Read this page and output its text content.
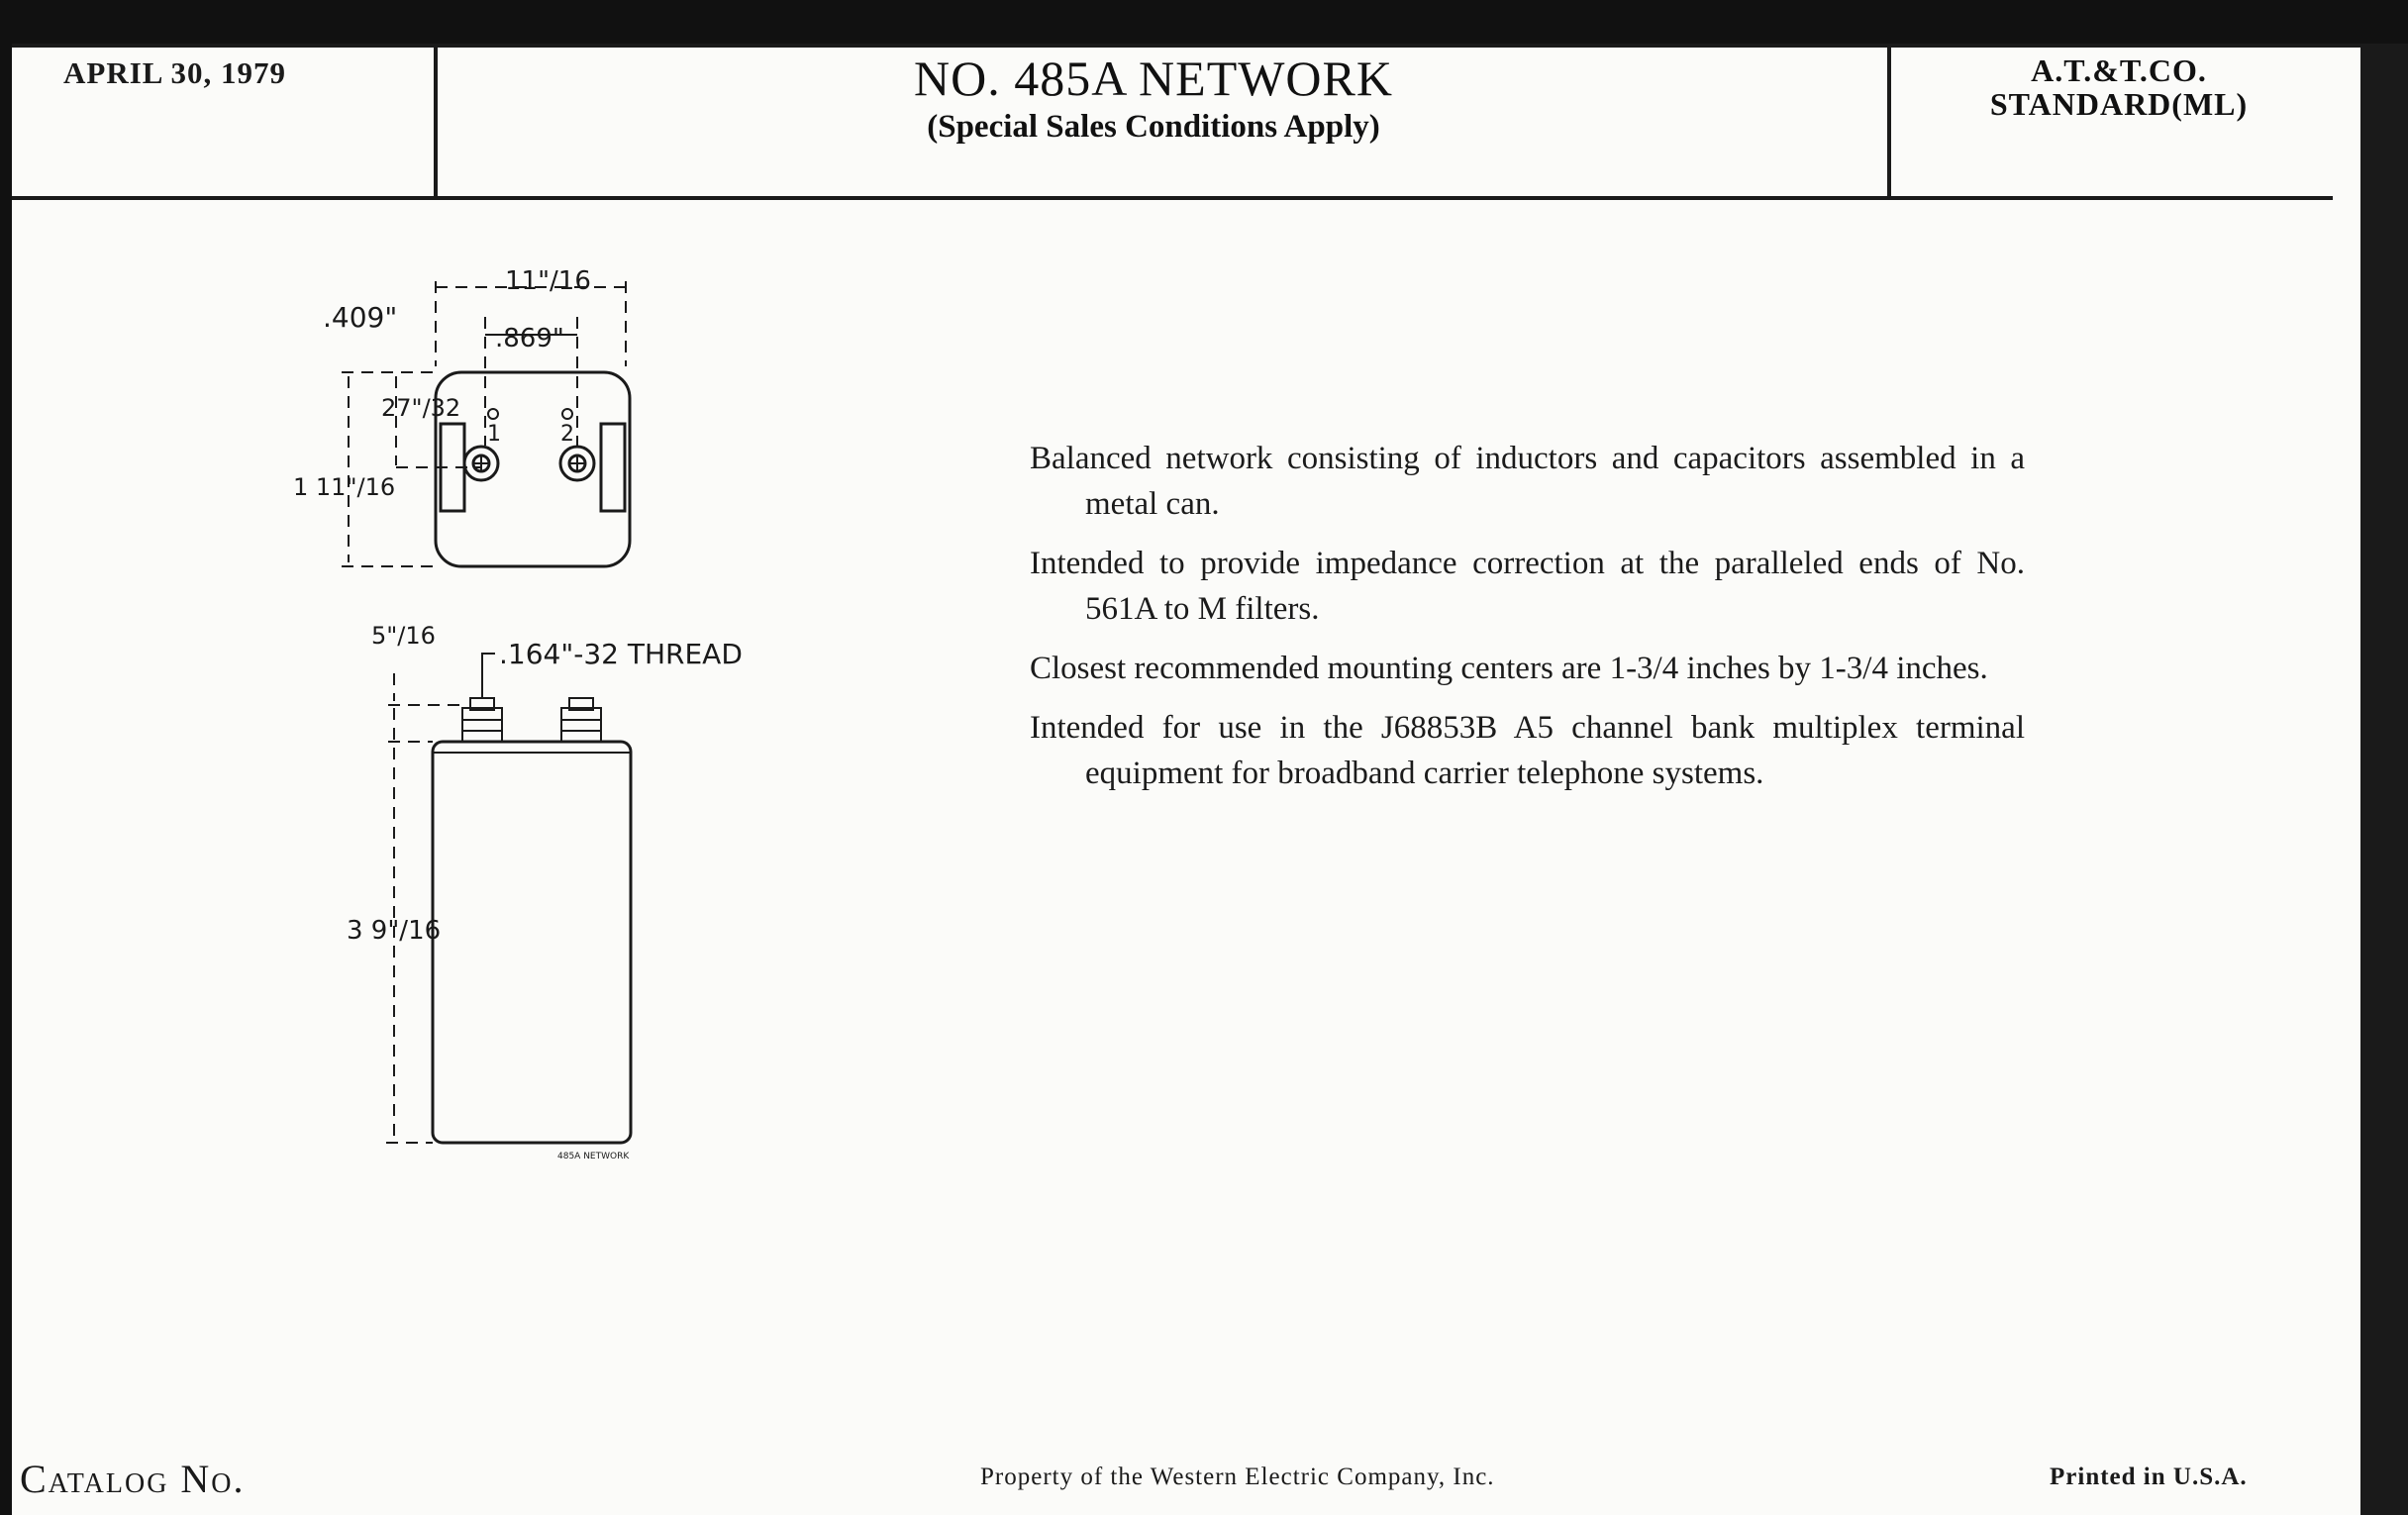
APRIL 30, 1979	NO. 485A NETWORK
(Special Sales Conditions Apply)
A.T.&T.CO.
STANDARD(ML)
11"/16
.409"
.869"
27"/32
1 11"/16
1	2
5"/16
.164"-32 THREAD
3 9"/16
485A NETWORK

Balanced network consisting of inductors and capacitors assembled in a metal can.

Intended to provide impedance correction at the paralleled ends of No. 561A to M filters.

Closest recommended mounting centers are 1-3/4 inches by 1-3/4 inches.

Intended for use in the J68853B A5 channel bank multiplex terminal equipment for broadband carrier telephone systems.

Catalog No.	Property of the Western Electric Company, Inc.	Printed in U.S.A.
